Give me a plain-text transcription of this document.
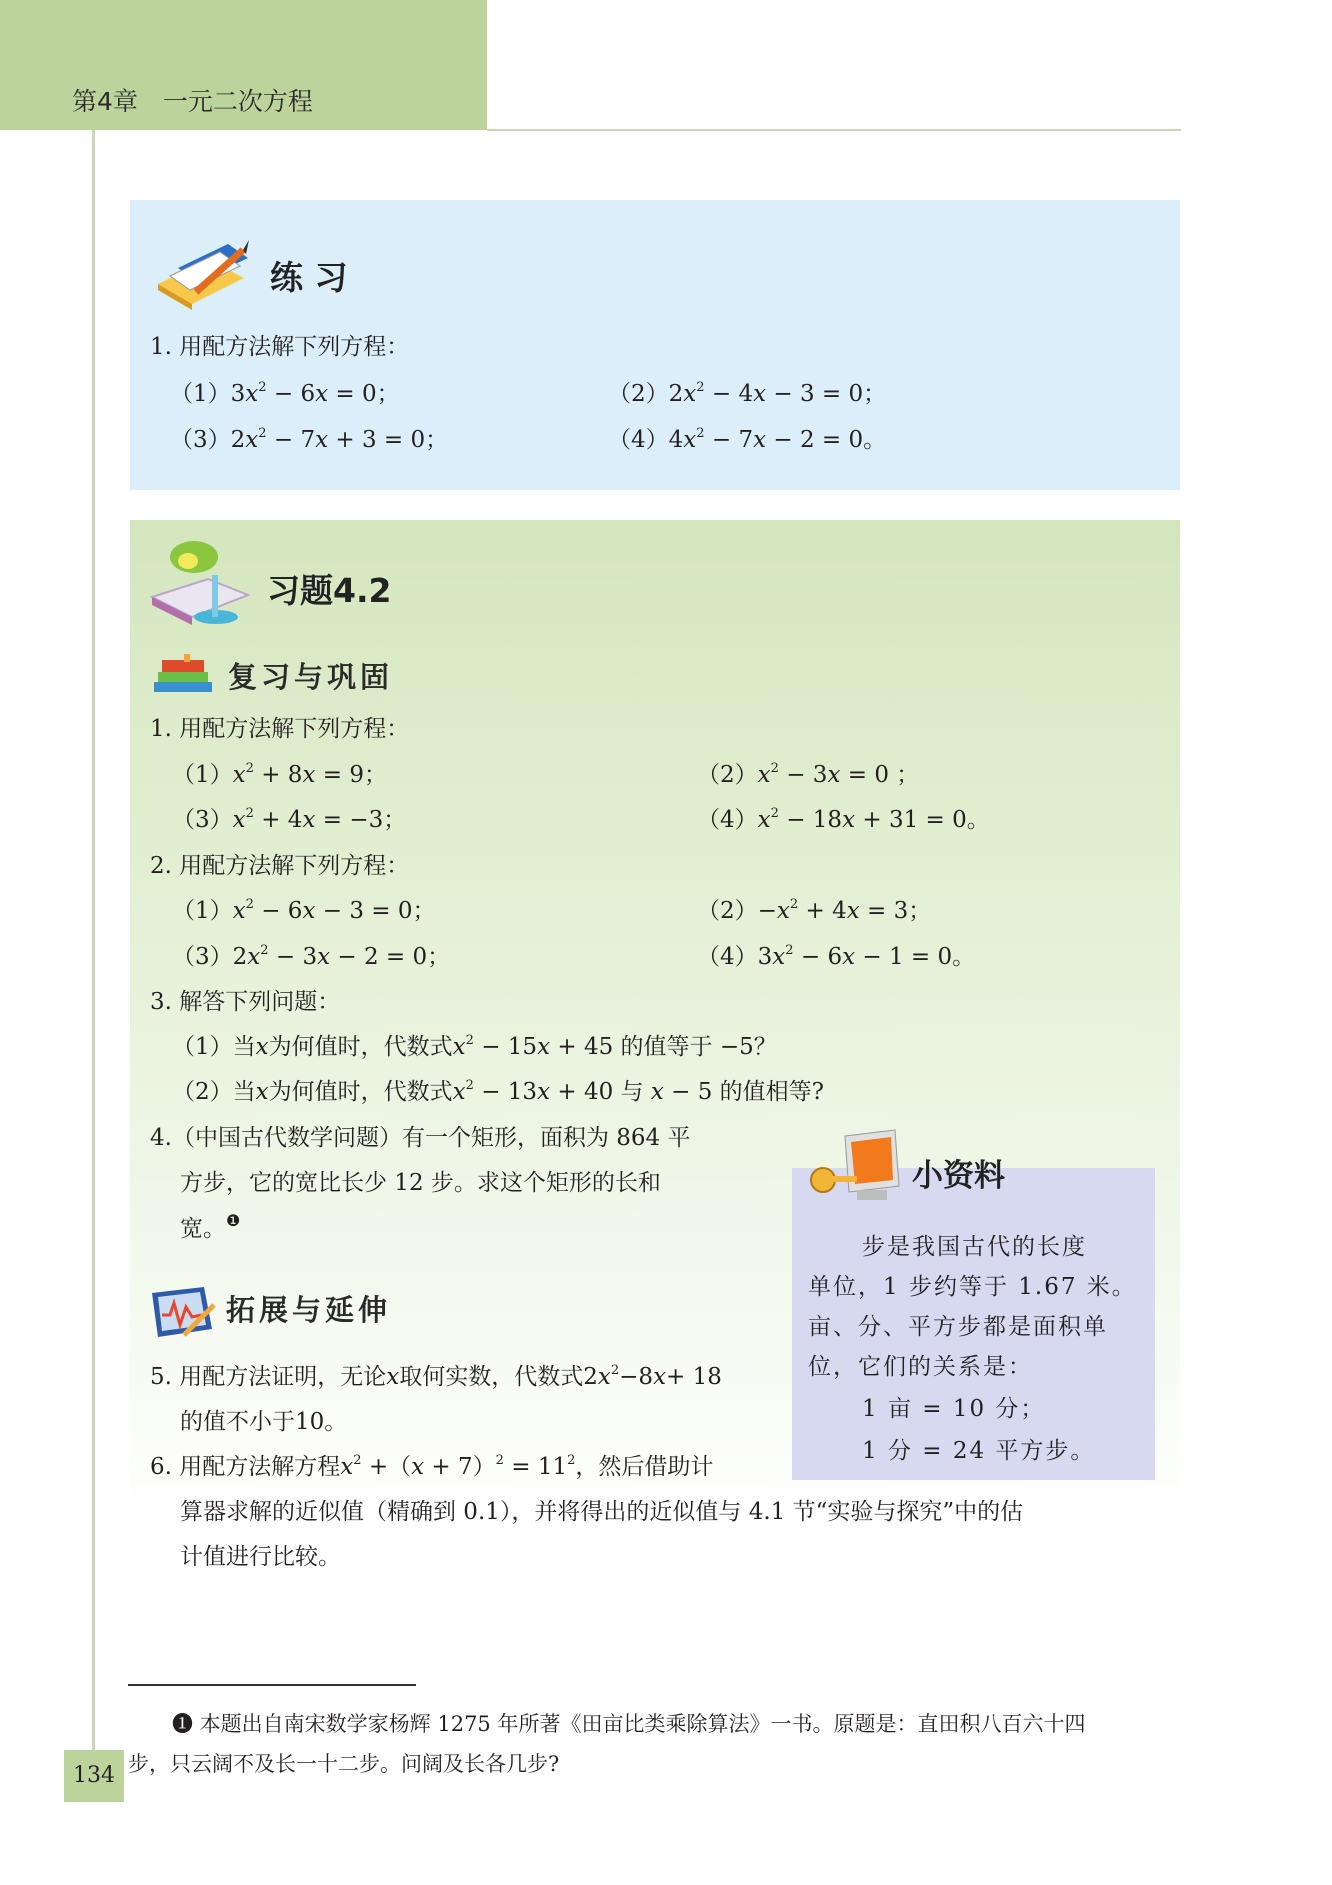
第4章　一元二次方程
练 习
1. 用配方法解下列方程：
$(1)3x^2 - 6x = 0$；	$(2)2x^2 - 4x - 3 = 0$；
$(3)2x^2 - 7x + 3 = 0$；	$(4)4x^2 - 7x - 2 = 0$。
习题4.2
复习与巩固
1. 用配方法解下列方程：
$(1)x^2 + 8x = 9$；	$(2)x^2 - 3x = 0$ ；
$(3)x^2 + 4x = -3$；	$(4)x^2 - 18x + 31 = 0$。
2. 用配方法解下列方程：
$(1)x^2 - 6x - 3 = 0$；	$(2)-x^2 + 4x = 3$；
$(3)2x^2 - 3x - 2 = 0$；	$(4)3x^2 - 6x - 1 = 0$。
3. 解答下列问题：
（1）当x为何值时，代数式$x^2 - 15x + 45$ 的值等于 −5？
（2）当x为何值时，代数式$x^2 - 13x + 40$ 与 x − 5 的值相等?
4.（中国古代数学问题）有一个矩形，面积为 864 平
方步，它的宽比长少 12 步。求这个矩形的长和
宽。$^❶$
拓展与延伸
5. 用配方法证明，无论x取何实数，代数式$2x^2-8x+ 18$
的值不小于10。
6. 用配方法解方程$x^2 +(x + 7)^2 = 11^2$，然后借助计
算器求解的近似值（精确到 0.1），并将得出的近似值与 4.1 节“实验与探究”中的估
计值进行比较。
小资料
步是我国古代的长度
单位，1 步约等于 1.67 米。
亩、分、平方步都是面积单
位，它们的关系是：
1 亩 = 10 分；
1 分 = 24 平方步。
❶ 本题出自南宋数学家杨辉 1275 年所著《田亩比类乘除算法》一书。原题是：直田积八百六十四
步，只云阔不及长一十二步。问阔及长各几步?
134
